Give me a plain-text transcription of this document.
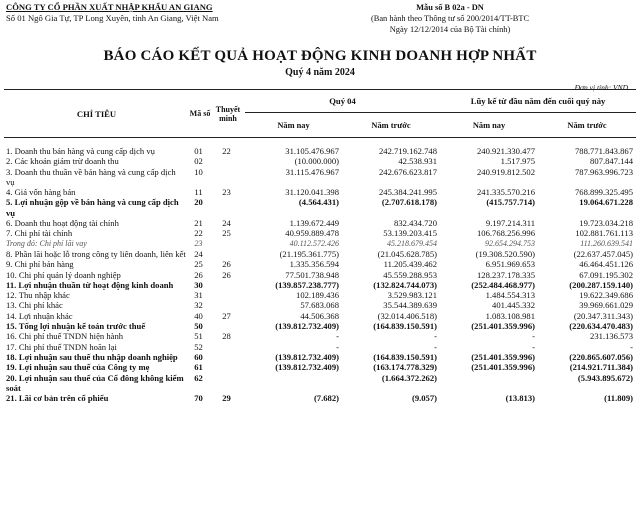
CÔNG TY CỔ PHẦN XUẤT NHẬP KHẨU AN GIANG
Số 01 Ngô Gia Tự, TP Long Xuyên, tỉnh An Giang, Việt Nam
Mẫu số B 02a - DN
(Ban hành theo Thông tư số 200/2014/TT-BTC
Ngày 12/12/2014 của Bộ Tài chính)
BÁO CÁO KẾT QUẢ HOẠT ĐỘNG KINH DOANH HỢP NHẤT
Quý 4 năm 2024
Đơn vị tính: VND
CHỈ TIÊU	Mã số	Thuyết minh	Quý 04		Lũy kế từ đầu năm đến cuối quý này	
			Năm nay	Năm trước	Năm nay	Năm trước

1. Doanh thu bán hàng và cung cấp dịch vụ	01	22	31.105.476.967	242.719.162.748	240.921.330.477	788.771.843.867
2. Các khoản giảm trừ doanh thu	02		(10.000.000)	42.538.931	1.517.975	807.847.144
3. Doanh thu thuần về bán hàng và cung cấp dịch vụ	10		31.115.476.967	242.676.623.817	240.919.812.502	787.963.996.723
4. Giá vốn hàng bán	11	23	31.120.041.398	245.384.241.995	241.335.570.216	768.899.325.495
5. Lợi nhuận gộp về bán hàng và cung cấp dịch vụ	20		(4.564.431)	(2.707.618.178)	(415.757.714)	19.064.671.228
6. Doanh thu hoạt động tài chính	21	24	1.139.672.449	832.434.720	9.197.214.311	19.723.034.218
7. Chi phí tài chính	22	25	40.959.889.478	53.139.203.415	106.768.256.996	102.881.761.113
Trong đó: Chi phí lãi vay	23		40.112.572.426	45.218.679.454	92.654.294.753	111.260.639.541
8. Phần lãi hoặc lỗ trong công ty liên doanh, liên kết	24		(21.195.361.775)	(21.045.628.785)	(19.308.520.590)	(22.637.457.045)
9. Chi phí bán hàng	25	26	1.335.356.594	11.205.439.462	6.951.969.653	46.464.451.126
10. Chi phí quản lý doanh nghiệp	26	26	77.501.738.948	45.559.288.953	128.237.178.335	67.091.195.302
11. Lợi nhuận thuần từ hoạt động kinh doanh	30		(139.857.238.777)	(132.824.744.073)	(252.484.468.977)	(200.287.159.140)
12. Thu nhập khác	31		102.189.436	3.529.983.121	1.484.554.313	19.622.349.686
13. Chi phí khác	32		57.683.068	35.544.389.639	401.445.332	39.969.661.029
14. Lợi nhuận khác	40	27	44.506.368	(32.014.406.518)	1.083.108.981	(20.347.311.343)
15. Tổng lợi nhuận kế toán trước thuế	50		(139.812.732.409)	(164.839.150.591)	(251.401.359.996)	(220.634.470.483)
16. Chi phí thuế TNDN hiện hành	51	28	-	-	-	231.136.573
17. Chi phí thuế TNDN hoãn lại	52		-	-	-	-
18. Lợi nhuận sau thuế thu nhập doanh nghiệp	60		(139.812.732.409)	(164.839.150.591)	(251.401.359.996)	(220.865.607.056)
19. Lợi nhuận sau thuế của Công ty mẹ	61		(139.812.732.409)	(163.174.778.329)	(251.401.359.996)	(214.921.711.384)
20. Lợi nhuận sau thuế của Cổ đông không kiểm soát	62			(1.664.372.262)		(5.943.895.672)
21. Lãi cơ bản trên cổ phiếu	70	29	(7.682)	(9.057)	(13.813)	(11.809)
